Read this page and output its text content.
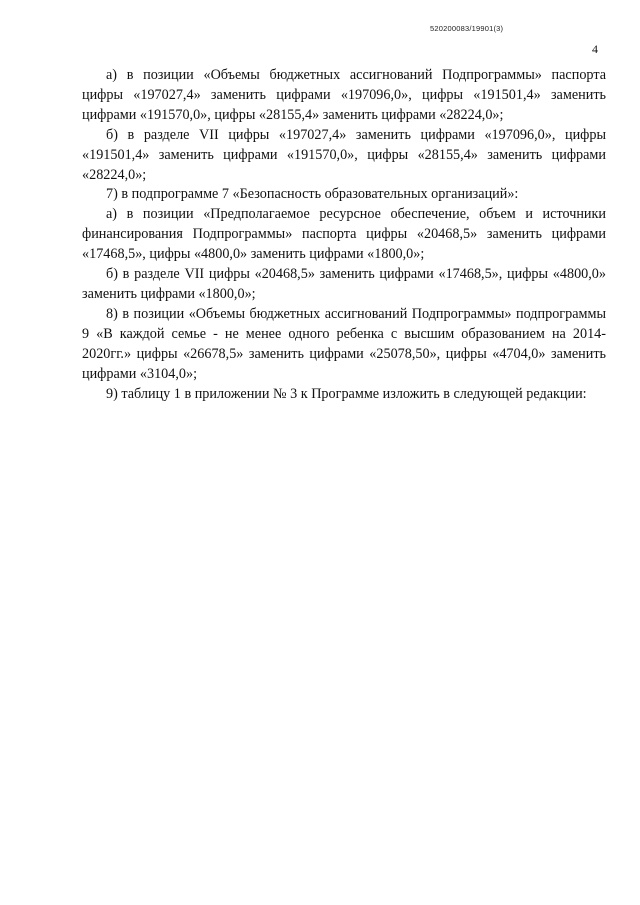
520200083/19901(3)
4

а) в позиции «Объемы бюджетных ассигнований Подпрограммы» паспорта цифры «197027,4» заменить цифрами «197096,0», цифры «191501,4» заменить цифрами «191570,0», цифры «28155,4» заменить цифрами «28224,0»;

б) в разделе VII цифры «197027,4» заменить цифрами «197096,0», цифры «191501,4» заменить цифрами «191570,0», цифры «28155,4» заменить цифрами «28224,0»;

7) в подпрограмме 7 «Безопасность образовательных организаций»:

а) в позиции «Предполагаемое ресурсное обеспечение, объем и источники финансирования Подпрограммы» паспорта цифры «20468,5» заменить цифрами «17468,5», цифры «4800,0» заменить цифрами «1800,0»;

б) в разделе VII цифры «20468,5» заменить цифрами «17468,5», цифры «4800,0» заменить цифрами «1800,0»;

8) в позиции «Объемы бюджетных ассигнований Подпрограммы» подпрограммы 9 «В каждой семье - не менее одного ребенка с высшим образованием на 2014-2020гг.» цифры «26678,5» заменить цифрами «25078,50», цифры «4704,0» заменить цифрами «3104,0»;

9) таблицу 1 в приложении № 3 к Программе изложить в следующей редакции:
